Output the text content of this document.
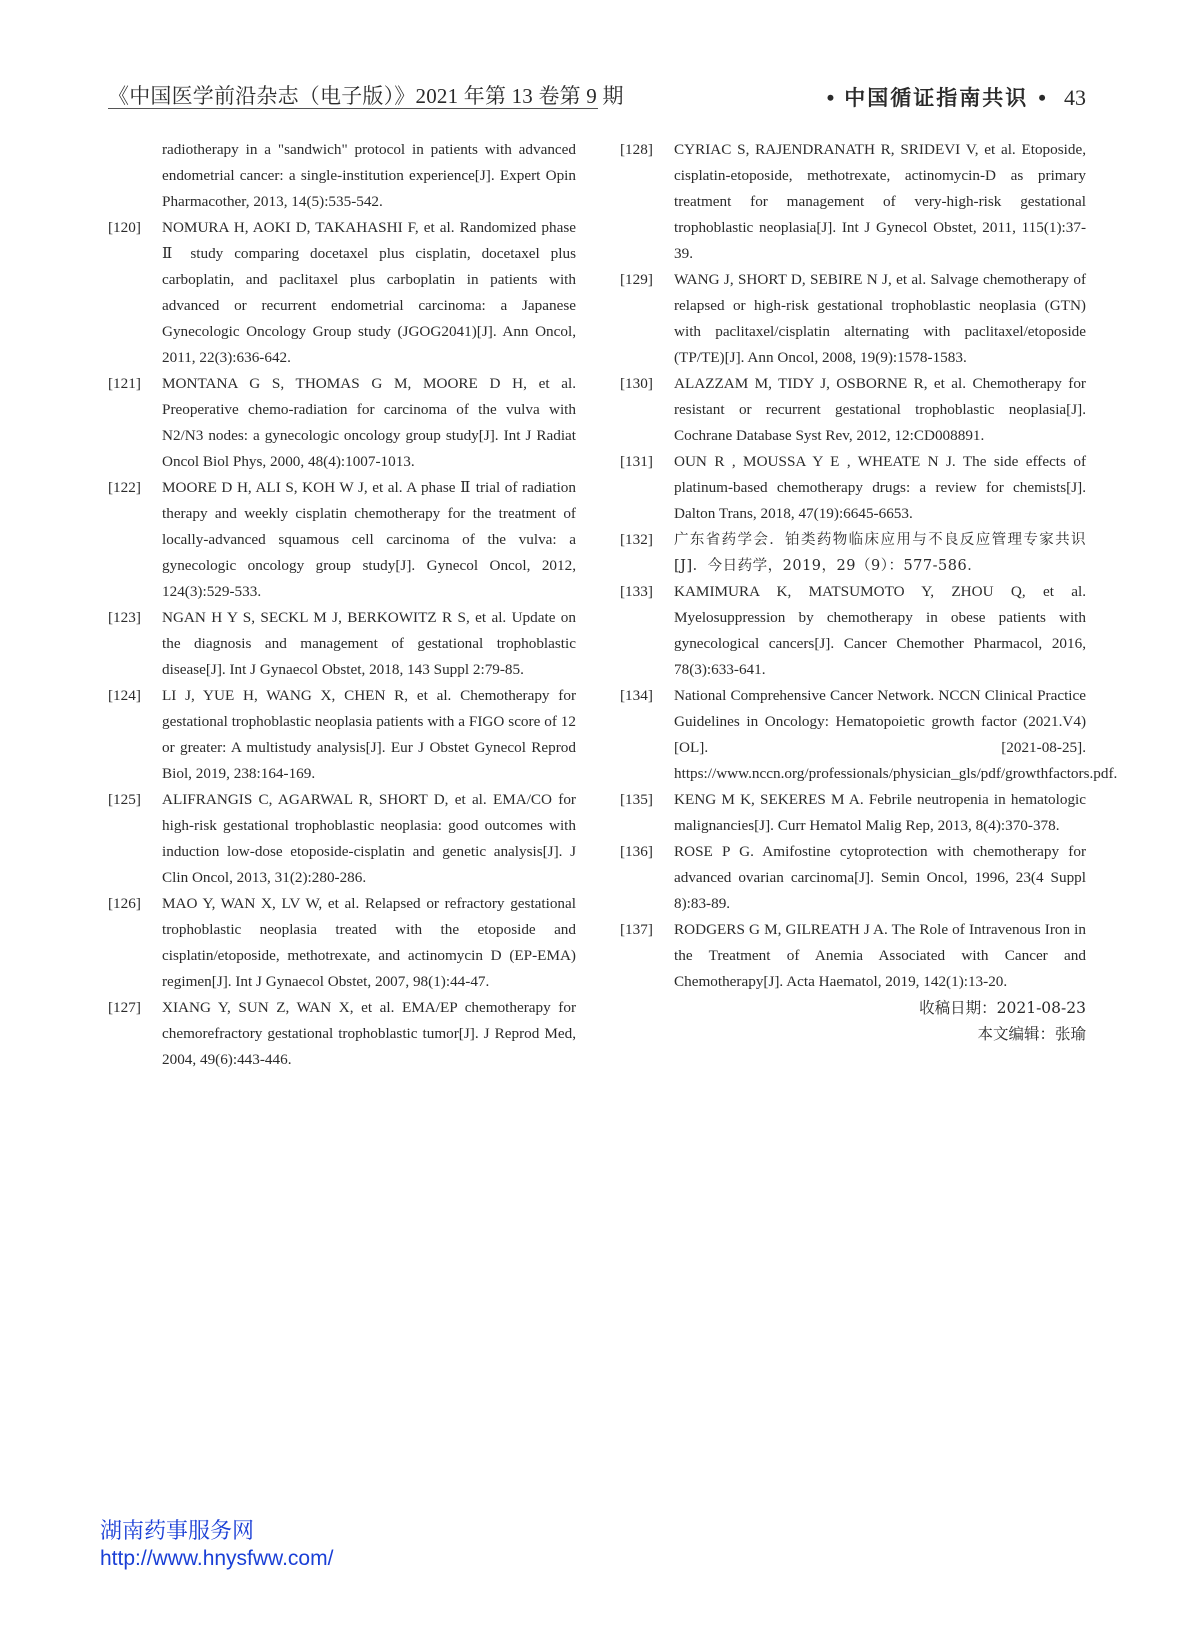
《中国医学前沿杂志（电子版）》2021 年第 13 卷第 9 期	• 中国循证指南共识 • 43
radiotherapy in a "sandwich" protocol in patients with advanced endometrial cancer: a single-institution experience[J]. Expert Opin Pharmacother, 2013, 14(5):535-542.
[120] NOMURA H, AOKI D, TAKAHASHI F, et al. Randomized phase Ⅱ study comparing docetaxel plus cisplatin, docetaxel plus carboplatin, and paclitaxel plus carboplatin in patients with advanced or recurrent endometrial carcinoma: a Japanese Gynecologic Oncology Group study (JGOG2041)[J]. Ann Oncol, 2011, 22(3):636-642.
[121] MONTANA G S, THOMAS G M, MOORE D H, et al. Preoperative chemo-radiation for carcinoma of the vulva with N2/N3 nodes: a gynecologic oncology group study[J]. Int J Radiat Oncol Biol Phys, 2000, 48(4):1007-1013.
[122] MOORE D H, ALI S, KOH W J, et al. A phase Ⅱ trial of radiation therapy and weekly cisplatin chemotherapy for the treatment of locally-advanced squamous cell carcinoma of the vulva: a gynecologic oncology group study[J]. Gynecol Oncol, 2012, 124(3):529-533.
[123] NGAN H Y S, SECKL M J, BERKOWITZ R S, et al. Update on the diagnosis and management of gestational trophoblastic disease[J]. Int J Gynaecol Obstet, 2018, 143 Suppl 2:79-85.
[124] LI J, YUE H, WANG X, CHEN R, et al. Chemotherapy for gestational trophoblastic neoplasia patients with a FIGO score of 12 or greater: A multistudy analysis[J]. Eur J Obstet Gynecol Reprod Biol, 2019, 238:164-169.
[125] ALIFRANGIS C, AGARWAL R, SHORT D, et al. EMA/CO for high-risk gestational trophoblastic neoplasia: good outcomes with induction low-dose etoposide-cisplatin and genetic analysis[J]. J Clin Oncol, 2013, 31(2):280-286.
[126] MAO Y, WAN X, LV W, et al. Relapsed or refractory gestational trophoblastic neoplasia treated with the etoposide and cisplatin/etoposide, methotrexate, and actinomycin D (EP-EMA) regimen[J]. Int J Gynaecol Obstet, 2007, 98(1):44-47.
[127] XIANG Y, SUN Z, WAN X, et al. EMA/EP chemotherapy for chemorefractory gestational trophoblastic tumor[J]. J Reprod Med, 2004, 49(6):443-446.
[128] CYRIAC S, RAJENDRANATH R, SRIDEVI V, et al. Etoposide, cisplatin-etoposide, methotrexate, actinomycin-D as primary treatment for management of very-high-risk gestational trophoblastic neoplasia[J]. Int J Gynecol Obstet, 2011, 115(1):37-39.
[129] WANG J, SHORT D, SEBIRE N J, et al. Salvage chemotherapy of relapsed or high-risk gestational trophoblastic neoplasia (GTN) with paclitaxel/cisplatin alternating with paclitaxel/etoposide (TP/TE)[J]. Ann Oncol, 2008, 19(9):1578-1583.
[130] ALAZZAM M, TIDY J, OSBORNE R, et al. Chemotherapy for resistant or recurrent gestational trophoblastic neoplasia[J]. Cochrane Database Syst Rev, 2012, 12:CD008891.
[131] OUN R , MOUSSA Y E , WHEATE N J. The side effects of platinum-based chemotherapy drugs: a review for chemists[J]. Dalton Trans, 2018, 47(19):6645-6653.
[132] 广东省药学会．铂类药物临床应用与不良反应管理专家共识[J]．今日药学，2019，29（9）：577-586．
[133] KAMIMURA K, MATSUMOTO Y, ZHOU Q, et al. Myelosuppression by chemotherapy in obese patients with gynecological cancers[J]. Cancer Chemother Pharmacol, 2016, 78(3):633-641.
[134] National Comprehensive Cancer Network. NCCN Clinical Practice Guidelines in Oncology: Hematopoietic growth factor (2021.V4)[OL]. [2021-08-25]. https://www.nccn.org/professionals/physician_gls/pdf/growthfactors.pdf.
[135] KENG M K, SEKERES M A. Febrile neutropenia in hematologic malignancies[J]. Curr Hematol Malig Rep, 2013, 8(4):370-378.
[136] ROSE P G. Amifostine cytoprotection with chemotherapy for advanced ovarian carcinoma[J]. Semin Oncol, 1996, 23(4 Suppl 8):83-89.
[137] RODGERS G M, GILREATH J A. The Role of Intravenous Iron in the Treatment of Anemia Associated with Cancer and Chemotherapy[J]. Acta Haematol, 2019, 142(1):13-20.
收稿日期：2021-08-23
本文编辑：张瑜
湖南药事服务网
http://www.hnysfww.com/
